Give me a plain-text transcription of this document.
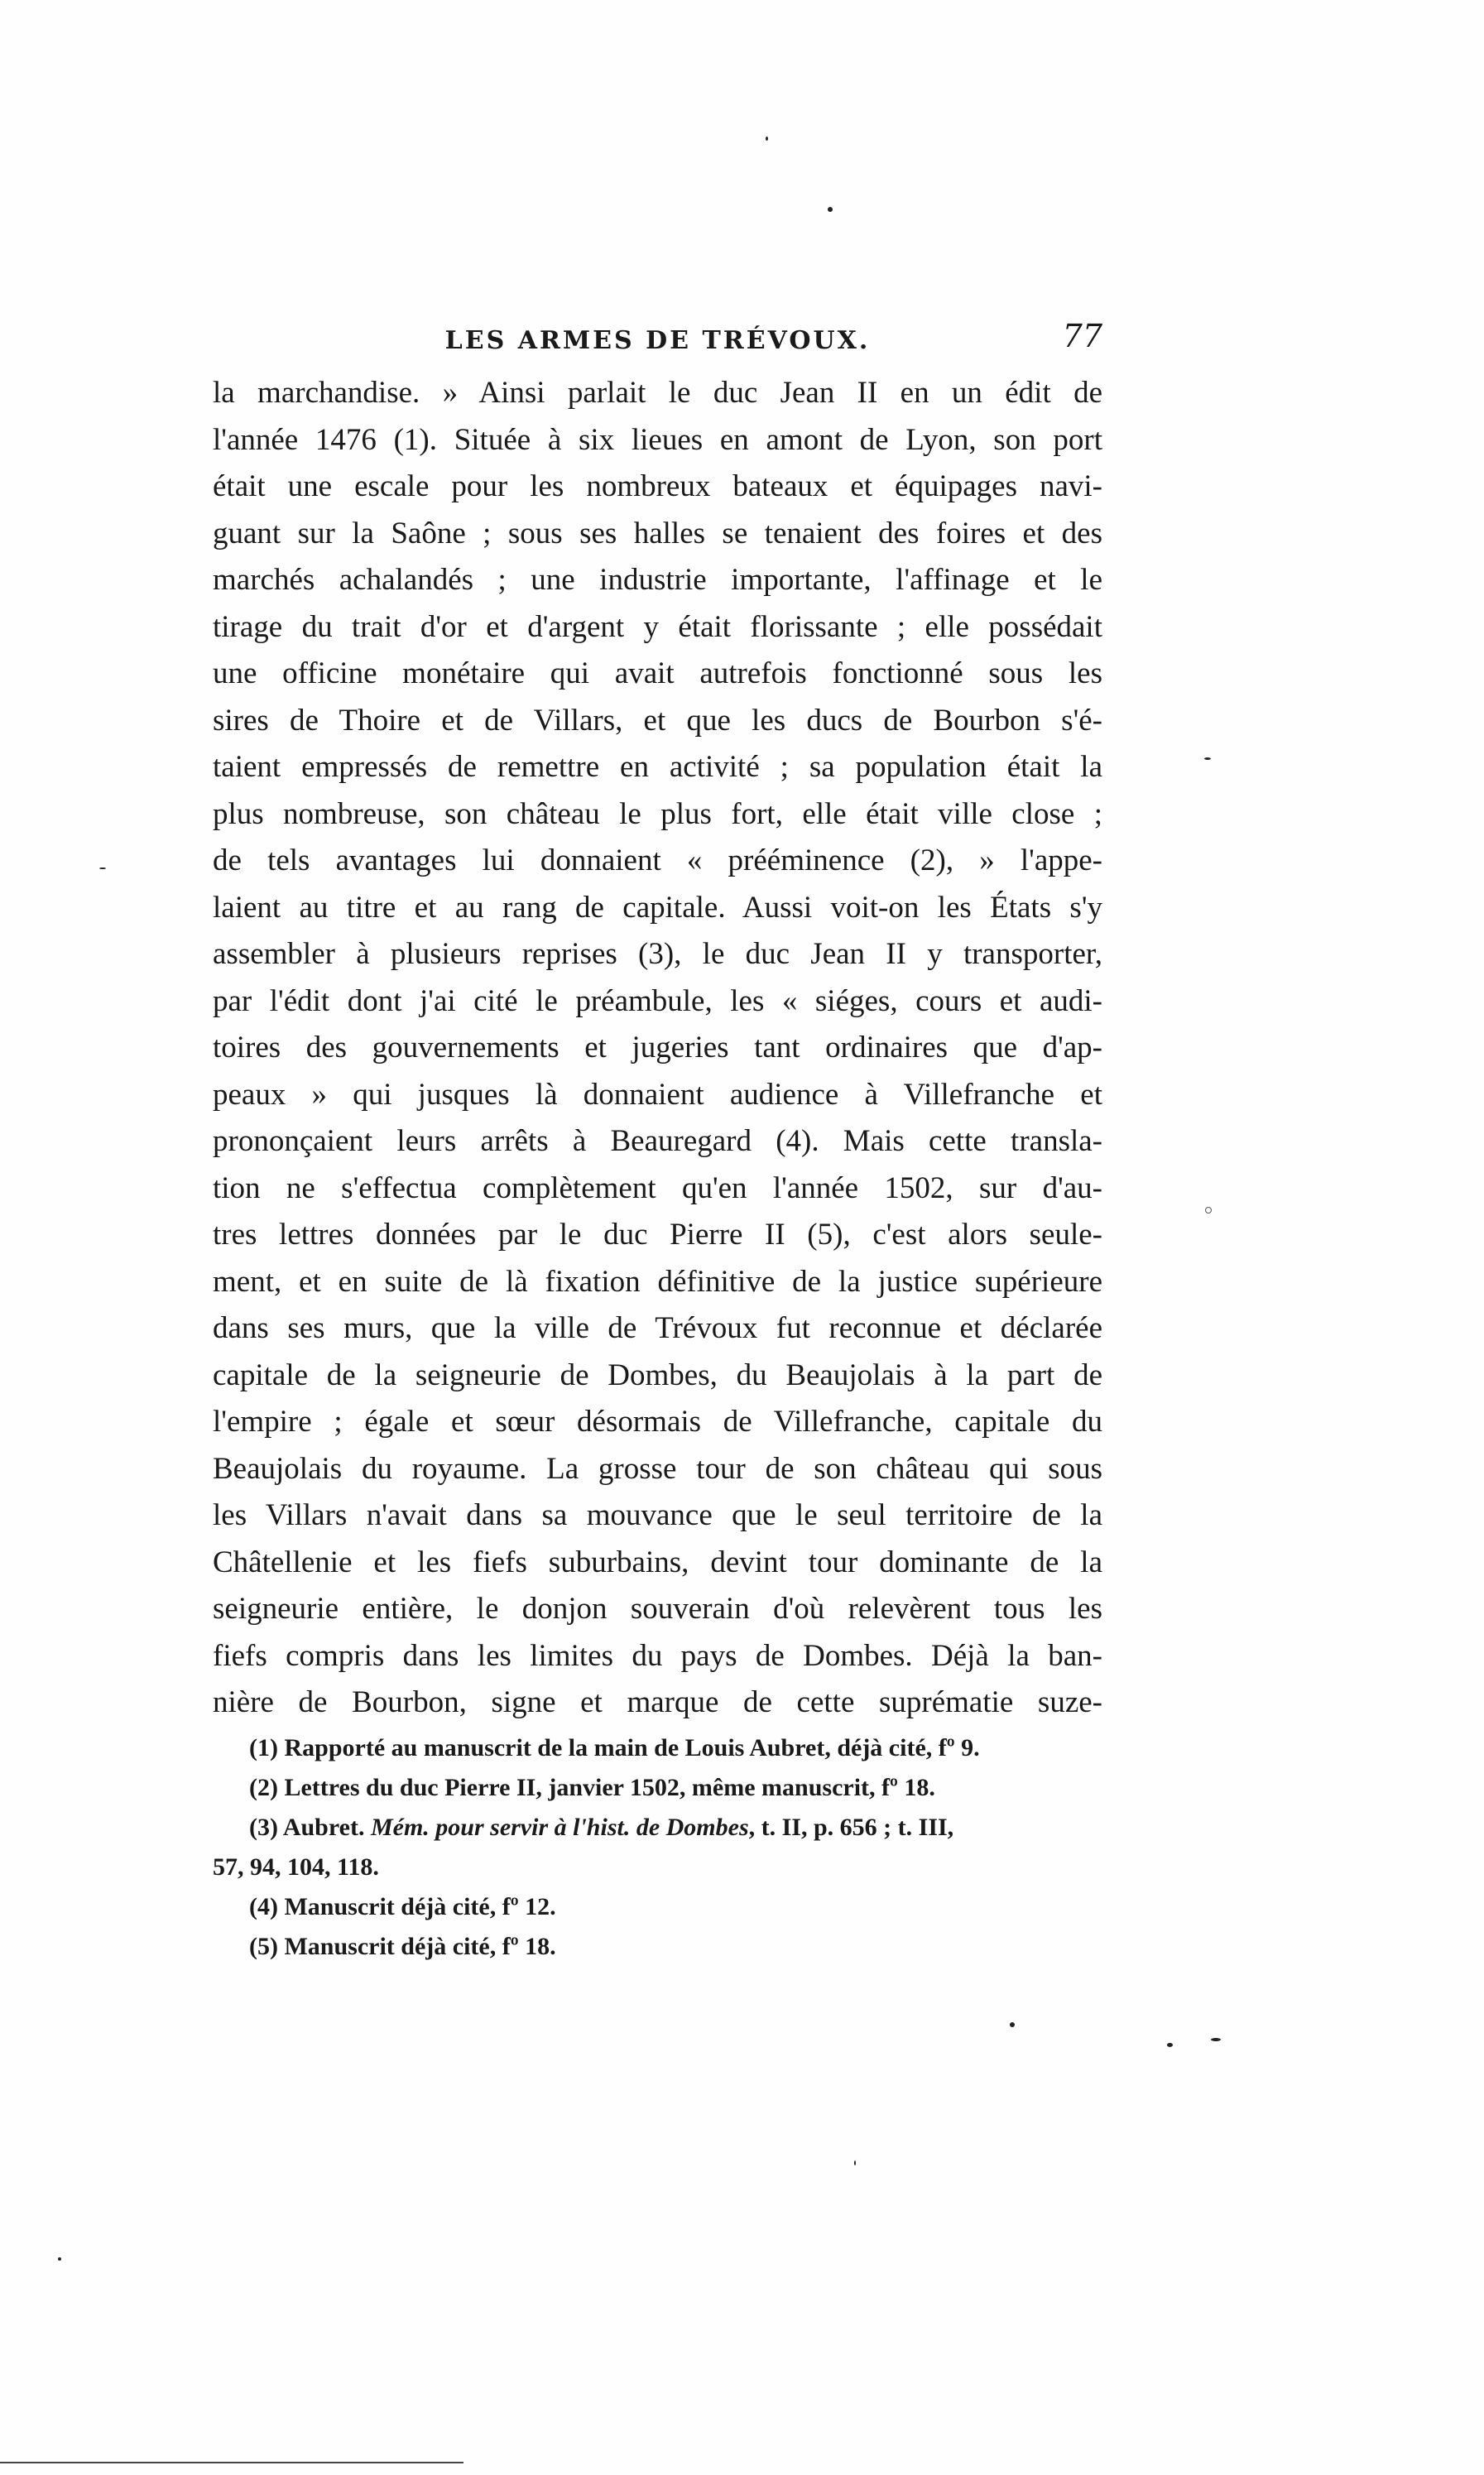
LES ARMES DE TRÉVOUX.	77
la marchandise. » Ainsi parlait le duc Jean II en un édit de
l'année 1476 (1). Située à six lieues en amont de Lyon, son port
était une escale pour les nombreux bateaux et équipages navi-
guant sur la Saône ; sous ses halles se tenaient des foires et des
marchés achalandés ; une industrie importante, l'affinage et le
tirage du trait d'or et d'argent y était florissante ; elle possédait
une officine monétaire qui avait autrefois fonctionné sous les
sires de Thoire et de Villars, et que les ducs de Bourbon s'é-
taient empressés de remettre en activité ; sa population était la
plus nombreuse, son château le plus fort, elle était ville close ;
de tels avantages lui donnaient « prééminence (2), » l'appe-
laient au titre et au rang de capitale. Aussi voit-on les États s'y
assembler à plusieurs reprises (3), le duc Jean II y transporter,
par l'édit dont j'ai cité le préambule, les « siéges, cours et audi-
toires des gouvernements et jugeries tant ordinaires que d'ap-
peaux » qui jusques là donnaient audience à Villefranche et
prononçaient leurs arrêts à Beauregard (4). Mais cette transla-
tion ne s'effectua complètement qu'en l'année 1502, sur d'au-
tres lettres données par le duc Pierre II (5), c'est alors seule-
ment, et en suite de là fixation définitive de la justice supérieure
dans ses murs, que la ville de Trévoux fut reconnue et déclarée
capitale de la seigneurie de Dombes, du Beaujolais à la part de
l'empire ; égale et sœur désormais de Villefranche, capitale du
Beaujolais du royaume. La grosse tour de son château qui sous
les Villars n'avait dans sa mouvance que le seul territoire de la
Châtellenie et les fiefs suburbains, devint tour dominante de la
seigneurie entière, le donjon souverain d'où relevèrent tous les
fiefs compris dans les limites du pays de Dombes. Déjà la ban-
nière de Bourbon, signe et marque de cette suprématie suze-
(1) Rapporté au manuscrit de la main de Louis Aubret, déjà cité, fº 9.
(2) Lettres du duc Pierre II, janvier 1502, même manuscrit, fº 18.
(3) Aubret. Mém. pour servir à l'hist. de Dombes, t. II, p. 656 ; t. III,
57, 94, 104, 118.
(4) Manuscrit déjà cité, fº 12.
(5) Manuscrit déjà cité, fº 18.
